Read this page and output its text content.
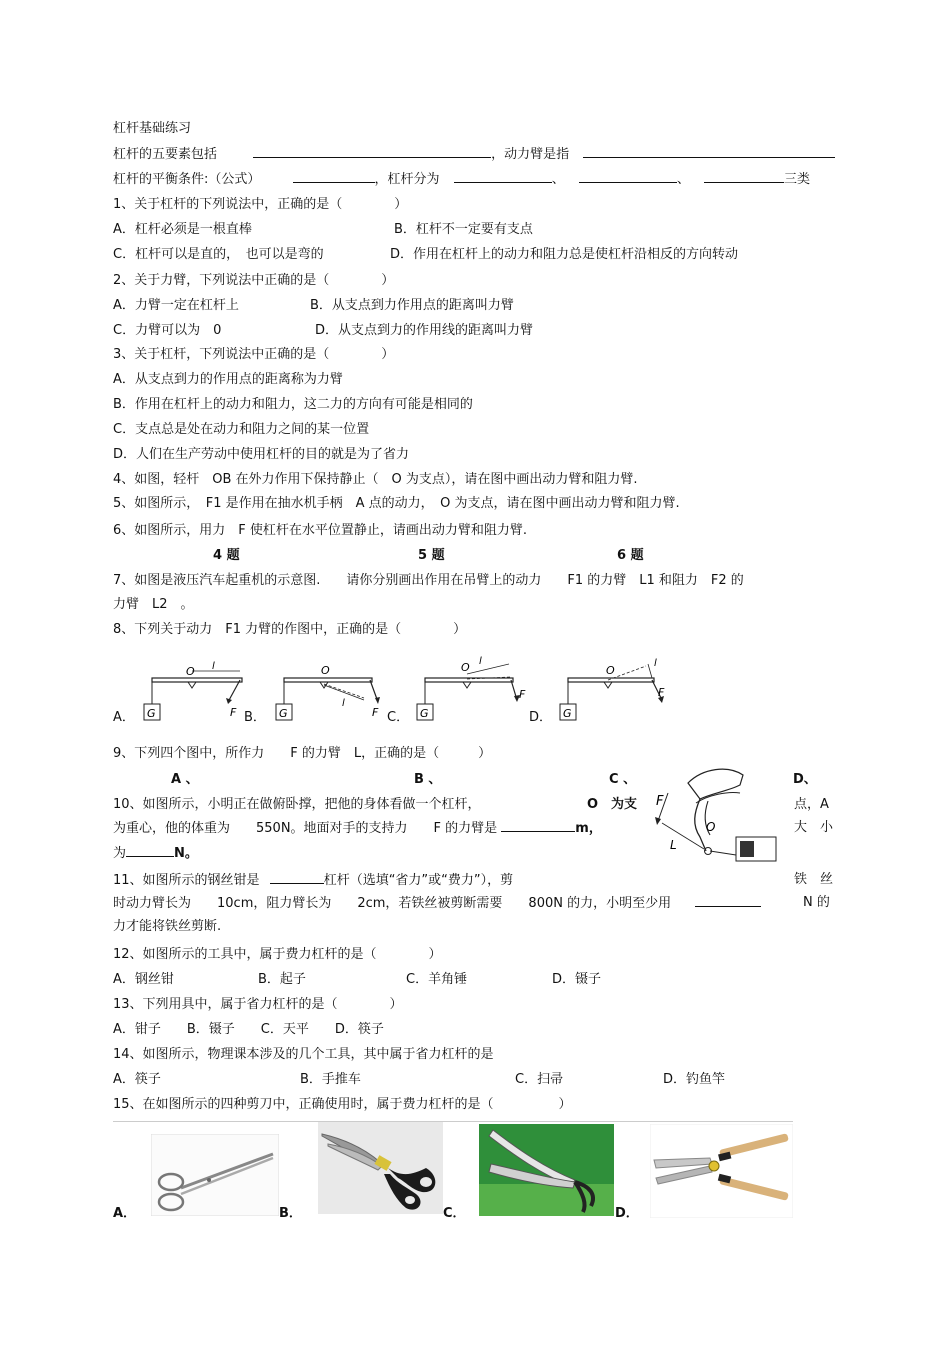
杠杆基础练习
杠杆的五要素包括	，动力臂是指
杠杆的平衡条件:（公式）	，杠杆分为	、	、	三类
1、关于杠杆的下列说法中，正确的是（　　　　）
A．杠杆必须是一根直棒	B．杠杆不一定要有支点
C．杠杆可以是直的，　也可以是弯的	D．作用在杠杆上的动力和阻力总是使杠杆沿相反的方向转动
2、关于力臂，下列说法中正确的是（　　　　）
A．力臂一定在杠杆上	B．从支点到力作用点的距离叫力臂
C．力臂可以为　0	D．从支点到力的作用线的距离叫力臂
3、关于杠杆，下列说法中正确的是（　　　　）
A．从支点到力的作用点的距离称为力臂
B．作用在杠杆上的动力和阻力，这二力的方向有可能是相同的
C．支点总是处在动力和阻力之间的某一位置
D．人们在生产劳动中使用杠杆的目的就是为了省力
4、如图，轻杆　OB 在外力作用下保持静止（　O 为支点），请在图中画出动力臂和阻力臂.
5、如图所示，　F1 是作用在抽水机手柄　A 点的动力，　O 为支点，请在图中画出动力臂和阻力臂.
6、如图所示，用力　F 使杠杆在水平位置静止，请画出动力臂和阻力臂.
4 题	5 题	6 题
7、如图是液压汽车起重机的示意图.　　请你分别画出作用在吊臂上的动力　　F1 的力臂　L1 和阻力　F2 的
力臂　L2　。
8、下列关于动力　F1 力臂的作图中，正确的是（　　　　）
A．	B．	C．	D．
G
O l
F	G
O
l
F	G
O l
F
G
O
l
F
9、下列四个图中，所作力　　F 的力臂　L，正确的是（　　　）
A 、	B 、	C 、	D、
F
O
L
10、如图所示，小明正在做俯卧撑，把他的身体看做一个杠杆，	O　为支	点，A
为重心，他的体重为　　550N。地面对手的支持力　　F 的力臂是	m，	大　小
为	N。
11、如图所示的钢丝钳是	杠杆（选填“省力”或“费力”），剪	铁　丝
时动力臂长为　　10cm，阻力臂长为　　2cm，若铁丝被剪断需要　　800N 的力，小明至少用	N 的
力才能将铁丝剪断.
12、如图所示的工具中，属于费力杠杆的是（　　　　）
A．钢丝钳	B．起子	C．羊角锤	D．镊子
13、下列用具中，属于省力杠杆的是（　　　　）
A．钳子　　B．镊子　　C．天平　　D．筷子
14、如图所示，物理课本涉及的几个工具，其中属于省力杠杆的是
A．筷子	B．手推车	C．扫帚	D．钓鱼竿
15、在如图所示的四种剪刀中，正确使用时，属于费力杠杆的是（　　　　　）
A．	B．	C．	D．
